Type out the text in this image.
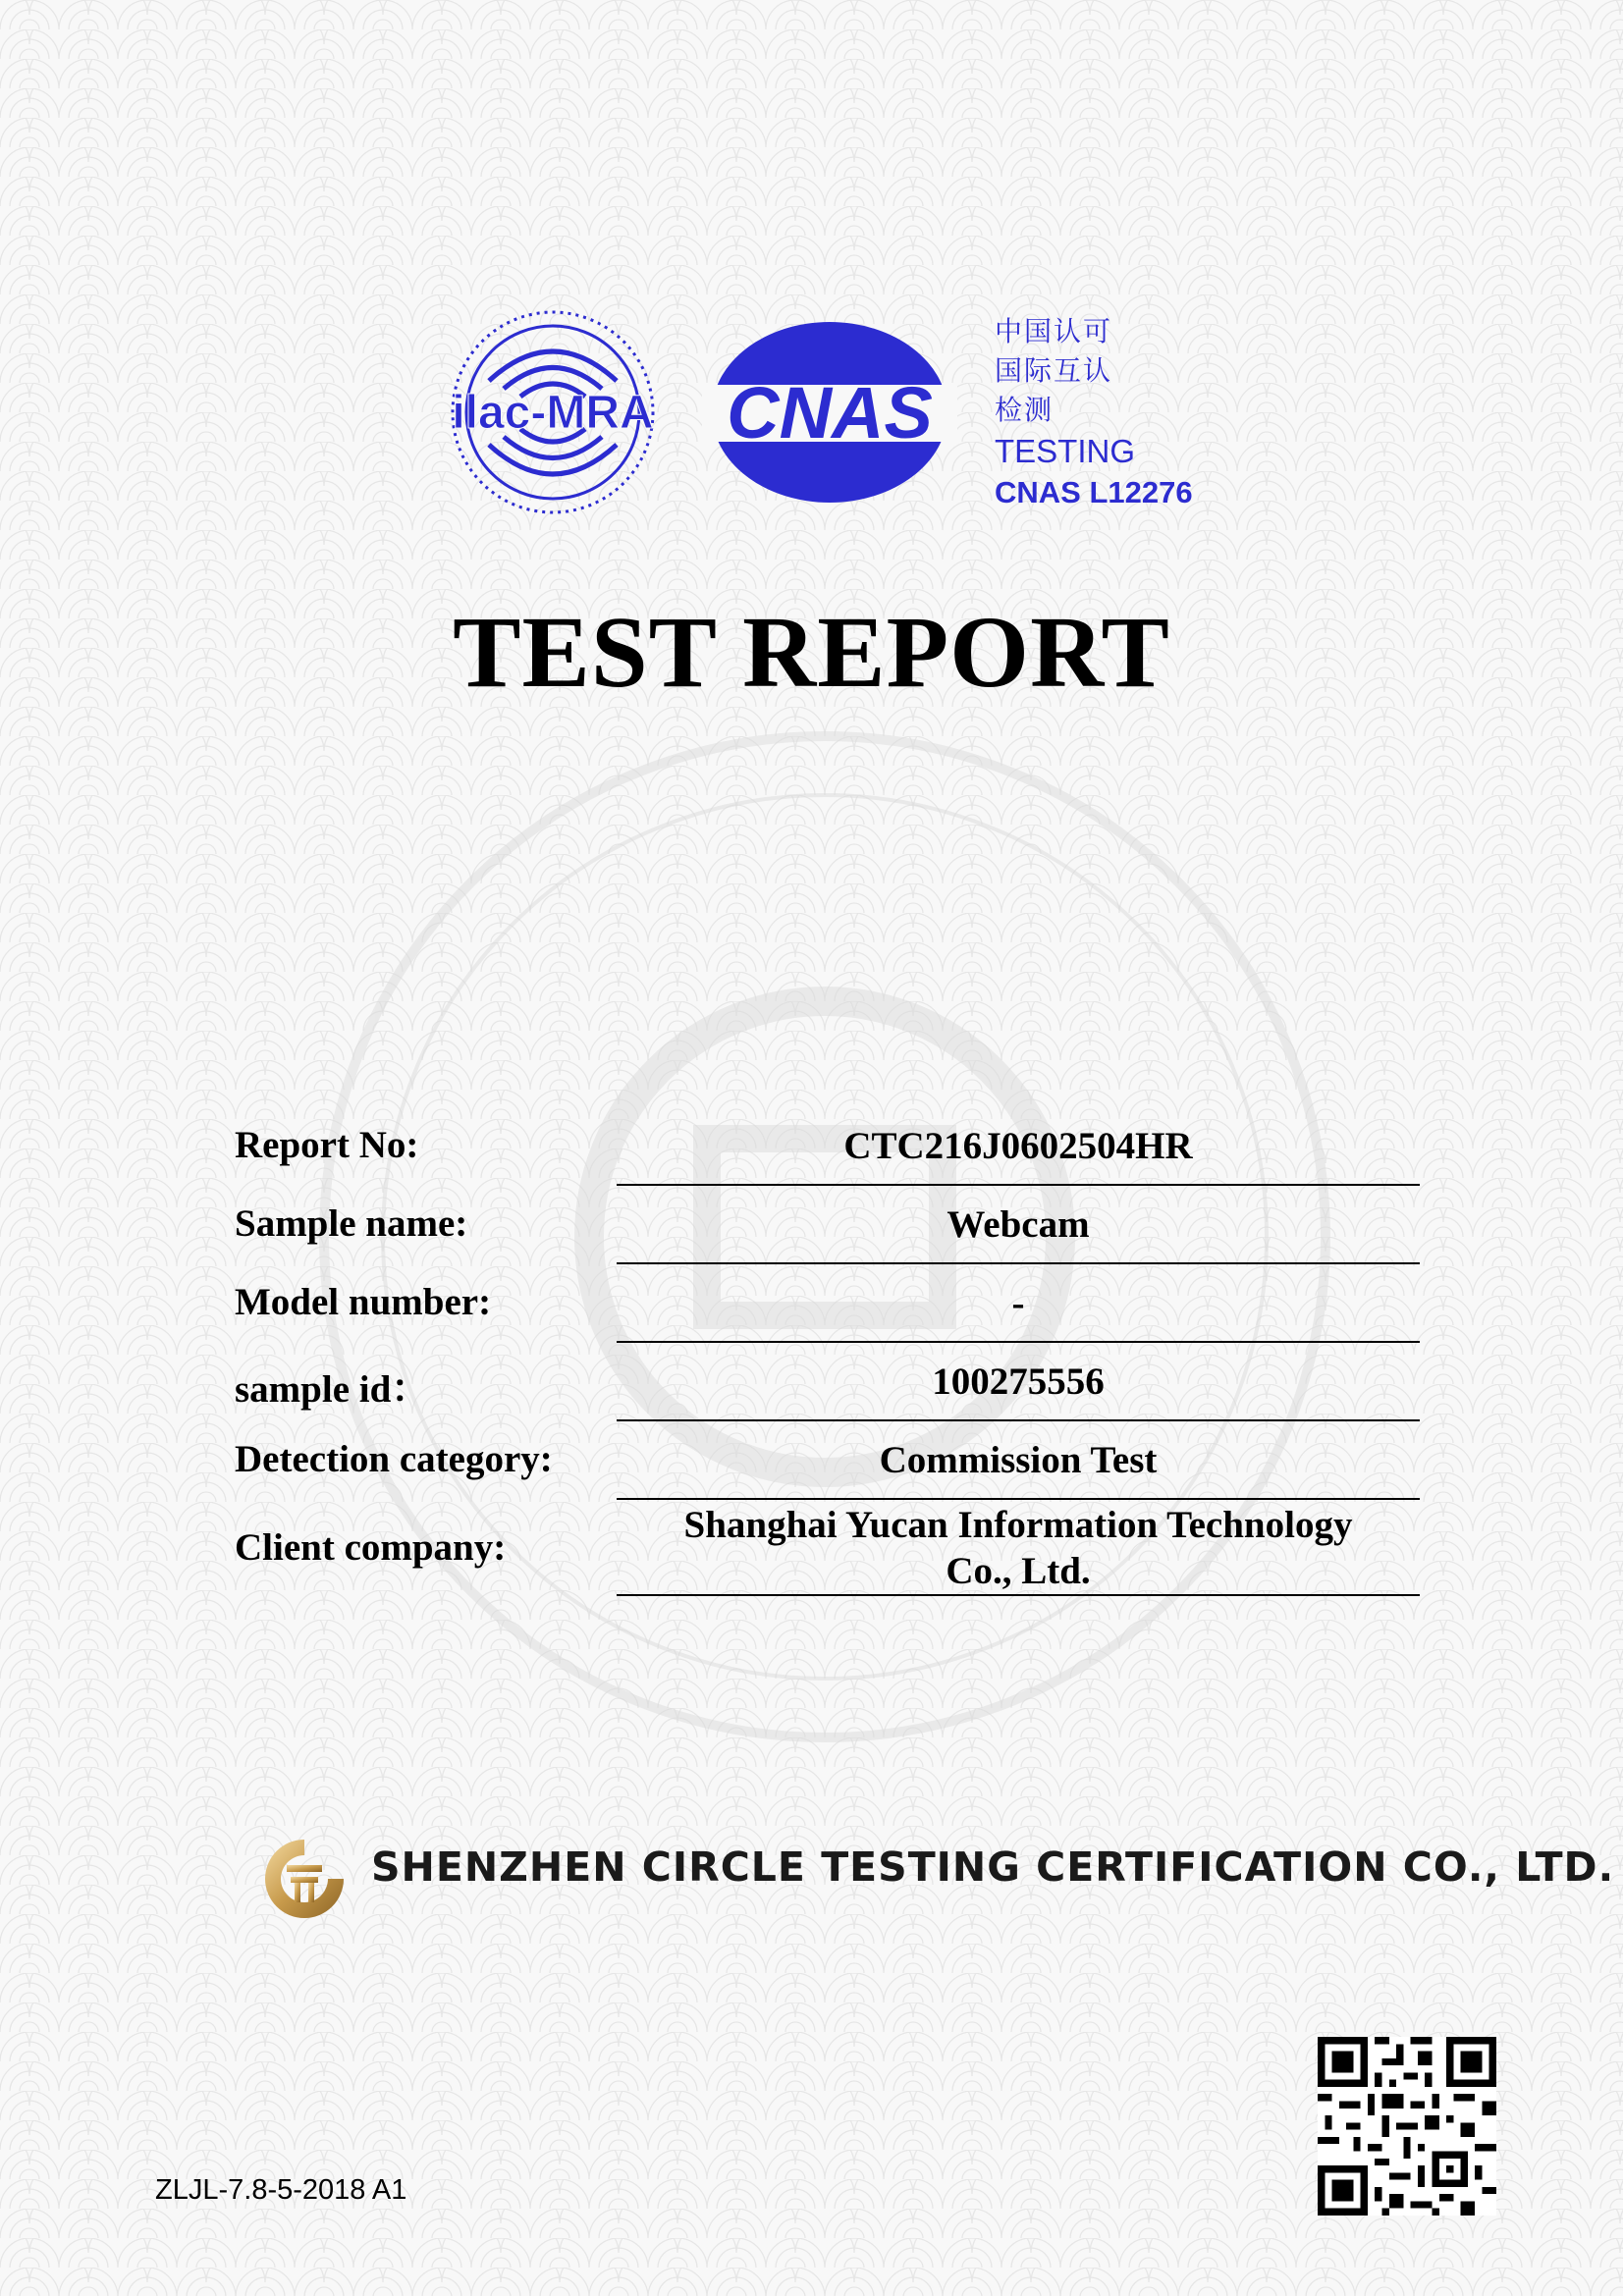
ilac-MRA CNAS
中国认可
国际互认
检测
TESTING
CNAS L12276
TEST REPORT
Report No:	CTC216J0602504HR
Sample name:	Webcam
Model number:	-
sample id：	100275556
Detection category:	Commission Test
Client company:
Shanghai Yucan Information Technology
Co., Ltd.
SHENZHEN CIRCLE TESTING CERTIFICATION CO., LTD.
ZLJL-7.8-5-2018 A1
